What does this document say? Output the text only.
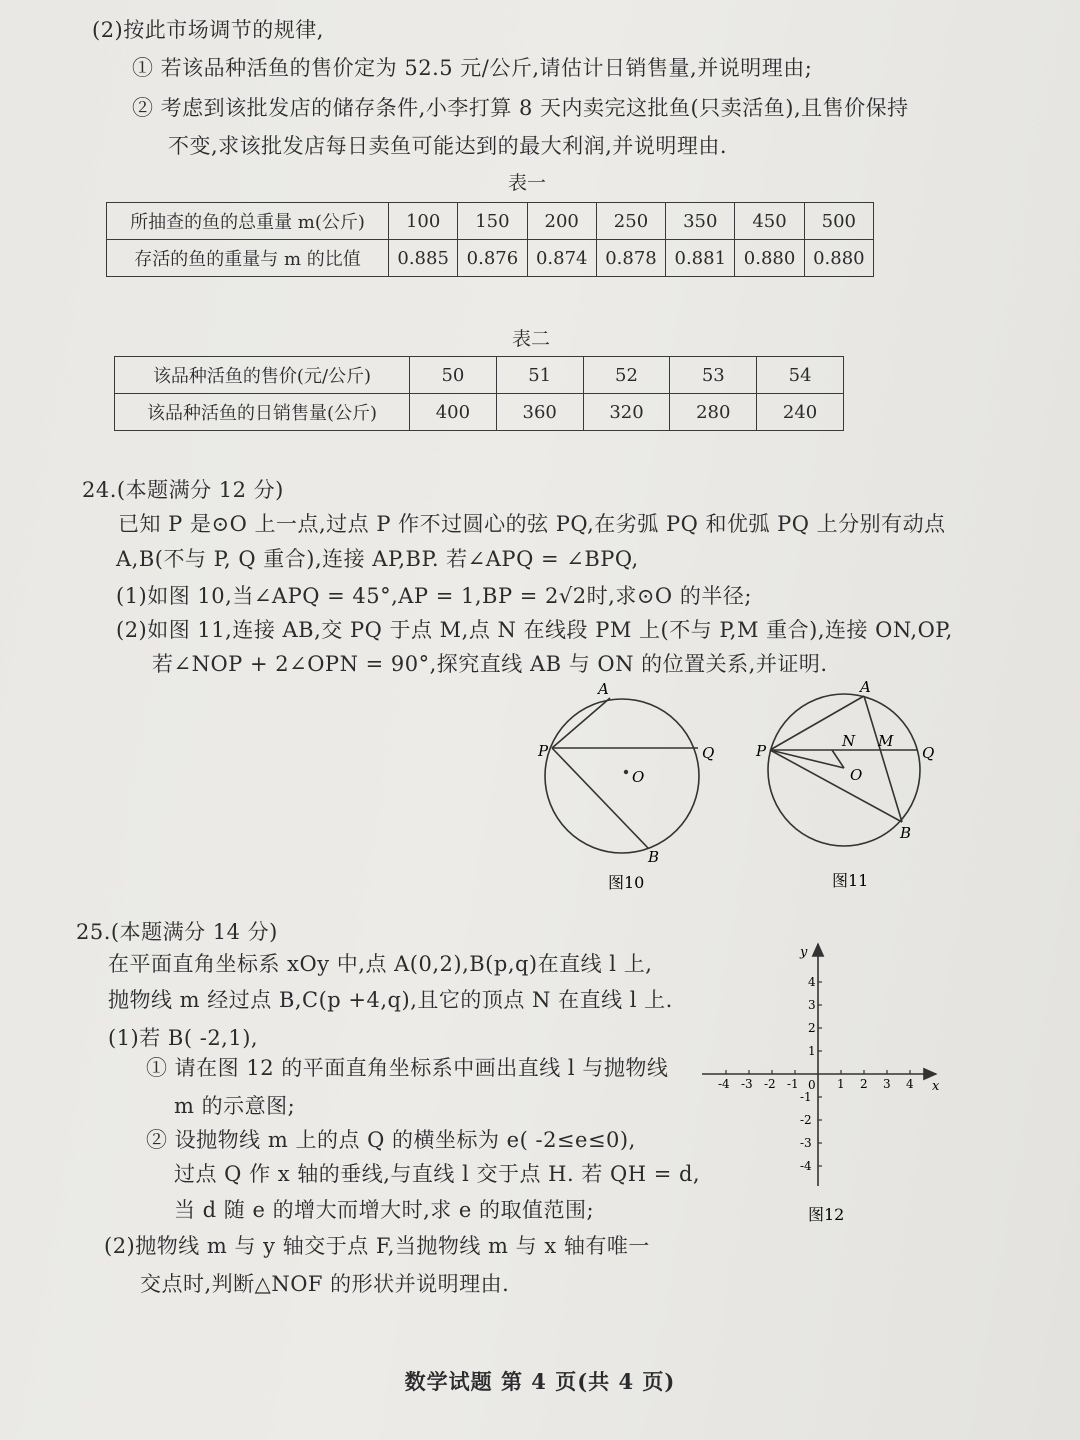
(2)按此市场调节的规律,
① 若该品种活鱼的售价定为 52.5 元/公斤,请估计日销售量,并说明理由;
② 考虑到该批发店的储存条件,小李打算 8 天内卖完这批鱼(只卖活鱼),且售价保持
不变,求该批发店每日卖鱼可能达到的最大利润,并说明理由.
表一
所抽查的鱼的总重量 m(公斤)	100	150	200	250	350	450	500
存活的鱼的重量与 m 的比值	0.885	0.876	0.874	0.878	0.881	0.880	0.880
表二
该品种活鱼的售价(元/公斤)	50	51	52	53	54
该品种活鱼的日销售量(公斤)	400	360	320	280	240
24.(本题满分 12 分)
已知 P 是⊙O 上一点,过点 P 作不过圆心的弦 PQ,在劣弧 PQ 和优弧 PQ 上分别有动点
A,B(不与 P, Q 重合),连接 AP,BP. 若∠APQ = ∠BPQ,
(1)如图 10,当∠APQ = 45°,AP = 1,BP = 2√2时,求⊙O 的半径;
(2)如图 11,连接 AB,交 PQ 于点 M,点 N 在线段 PM 上(不与 P,M 重合),连接 ON,OP,
若∠NOP + 2∠OPN = 90°,探究直线 AB 与 ON 的位置关系,并证明.
A
P	Q
O
B
图10
A
P
N M
Q
O
B
图11
25.(本题满分 14 分)
在平面直角坐标系 xOy 中,点 A(0,2),B(p,q)在直线 l 上,
抛物线 m 经过点 B,C(p +4,q),且它的顶点 N 在直线 l 上.
(1)若 B( -2,1),
① 请在图 12 的平面直角坐标系中画出直线 l 与抛物线
m 的示意图;
② 设抛物线 m 上的点 Q 的横坐标为 e( -2≤e≤0),
过点 Q 作 x 轴的垂线,与直线 l 交于点 H. 若 QH = d,
当 d 随 e 的增大而增大时,求 e 的取值范围;
(2)抛物线 m 与 y 轴交于点 F,当抛物线 m 与 x 轴有唯一
交点时,判断△NOF 的形状并说明理由.
-4 -3 -2 -1	1 2 3 4
4
3
2
1
-1
-2
-3
-4
x
y
0
图12
数学试题 第 4 页(共 4 页)
